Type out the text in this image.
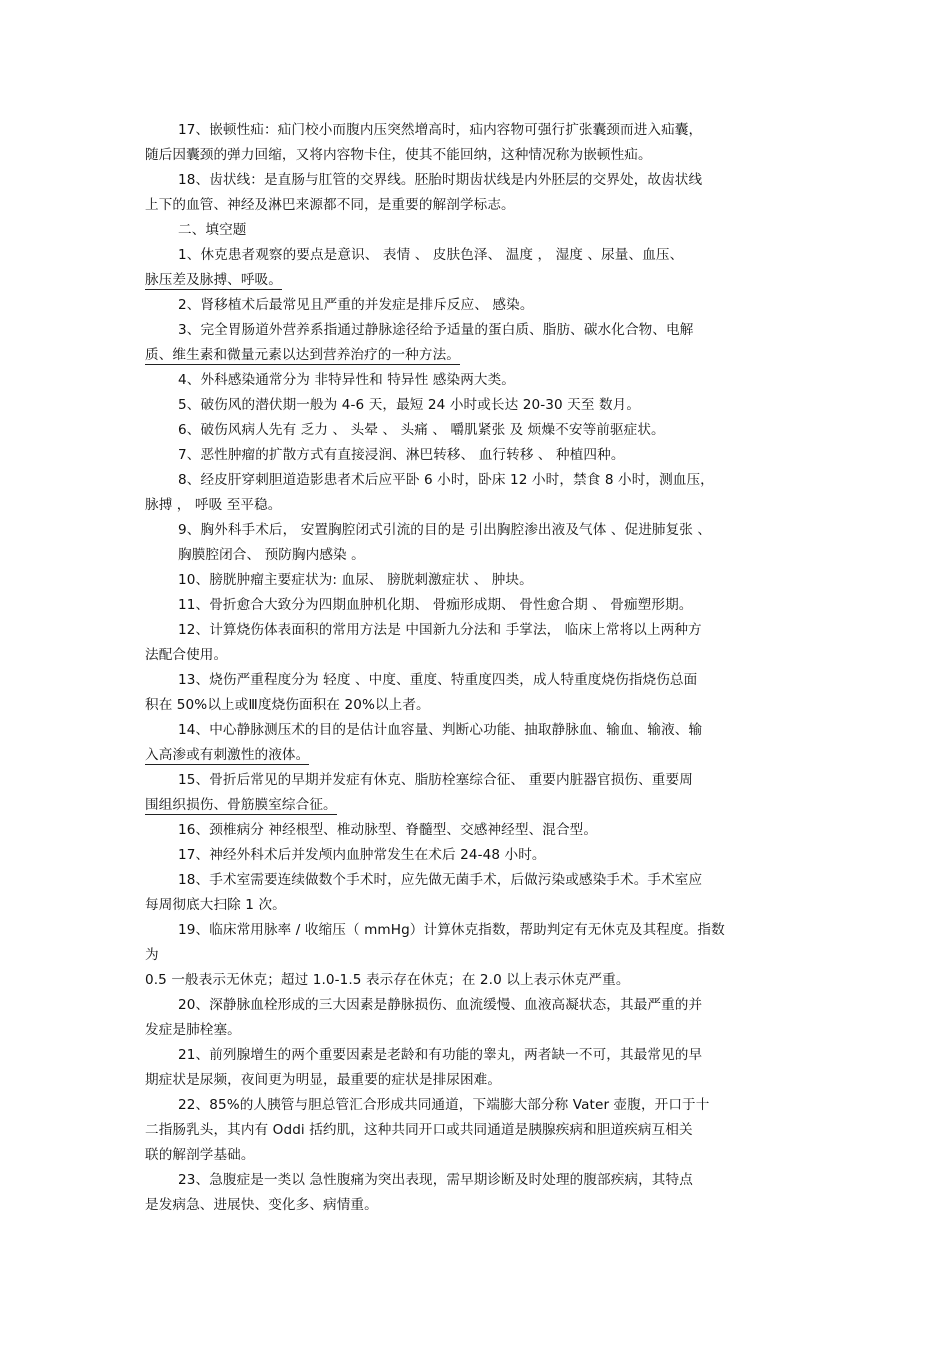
17、嵌顿性疝：疝门校小而腹内压突然增高时，疝内容物可强行扩张囊颈而进入疝囊，
随后因囊颈的弹力回缩，又将内容物卡住，使其不能回纳，这种情况称为嵌顿性疝。
18、齿状线：是直肠与肛管的交界线。胚胎时期齿状线是内外胚层的交界处，故齿状线
上下的血管、神经及淋巴来源都不同，是重要的解剖学标志。
二、填空题
1、休克患者观察的要点是意识、 表情 、 皮肤色泽、 温度 ， 湿度 、尿量、血压、
脉压差及脉搏、呼吸。
2、肾移植术后最常见且严重的并发症是排斥反应、 感染。
3、完全胃肠道外营养系指通过静脉途径给予适量的蛋白质、脂肪、碳水化合物、电解
质、维生素和微量元素以达到营养治疗的一种方法。
4、外科感染通常分为 非特异性和 特异性 感染两大类。
5、破伤风的潜伏期一般为 4-6 天，最短 24 小时或长达 20-30 天至 数月。
6、破伤风病人先有 乏力 、 头晕 、 头痛 、 嚼肌紧张 及 烦燥不安等前驱症状。
7、恶性肿瘤的扩散方式有直接浸润、淋巴转移、 血行转移 、 种植四种。
8、经皮肝穿刺胆道造影患者术后应平卧 6 小时，卧床 12 小时，禁食 8 小时，测血压，
脉搏 ， 呼吸 至平稳。
9、胸外科手术后， 安置胸腔闭式引流的目的是 引出胸腔渗出液及气体 、促进肺复张 、
胸膜腔闭合、 预防胸内感染 。
10、膀胱肿瘤主要症状为: 血尿、 膀胱刺激症状 、 肿块。
11、骨折愈合大致分为四期血肿机化期、 骨痂形成期、 骨性愈合期 、 骨痂塑形期。
12、计算烧伤体表面积的常用方法是 中国新九分法和 手掌法， 临床上常将以上两种方
法配合使用。
13、烧伤严重程度分为 轻度 、中度、重度、特重度四类，成人特重度烧伤指烧伤总面
积在 50%以上或Ⅲ度烧伤面积在 20%以上者。
14、中心静脉测压术的目的是估计血容量、判断心功能、抽取静脉血、输血、输液、输
入高渗或有刺激性的液体。
15、骨折后常见的早期并发症有休克、脂肪栓塞综合征、 重要内脏器官损伤、重要周
围组织损伤、骨筋膜室综合征。
16、颈椎病分 神经根型、椎动脉型、脊髓型、交感神经型、混合型。
17、神经外科术后并发颅内血肿常发生在术后 24-48 小时。
18、手术室需要连续做数个手术时，应先做无菌手术，后做污染或感染手术。手术室应
每周彻底大扫除 1 次。
19、临床常用脉率 / 收缩压（ mmHg）计算休克指数，帮助判定有无休克及其程度。指数
为
0.5 一般表示无休克；超过 1.0-1.5 表示存在休克；在 2.0 以上表示休克严重。
20、深静脉血栓形成的三大因素是静脉损伤、血流缓慢、血液高凝状态，其最严重的并
发症是肺栓塞。
21、前列腺增生的两个重要因素是老龄和有功能的睾丸，两者缺一不可，其最常见的早
期症状是尿频，夜间更为明显，最重要的症状是排尿困难。
22、85%的人胰管与胆总管汇合形成共同通道，下端膨大部分称 Vater 壶腹，开口于十
二指肠乳头，其内有 Oddi 括约肌，这种共同开口或共同通道是胰腺疾病和胆道疾病互相关
联的解剖学基础。
23、急腹症是一类以 急性腹痛为突出表现，需早期诊断及时处理的腹部疾病，其特点
是发病急、进展快、变化多、病情重。
